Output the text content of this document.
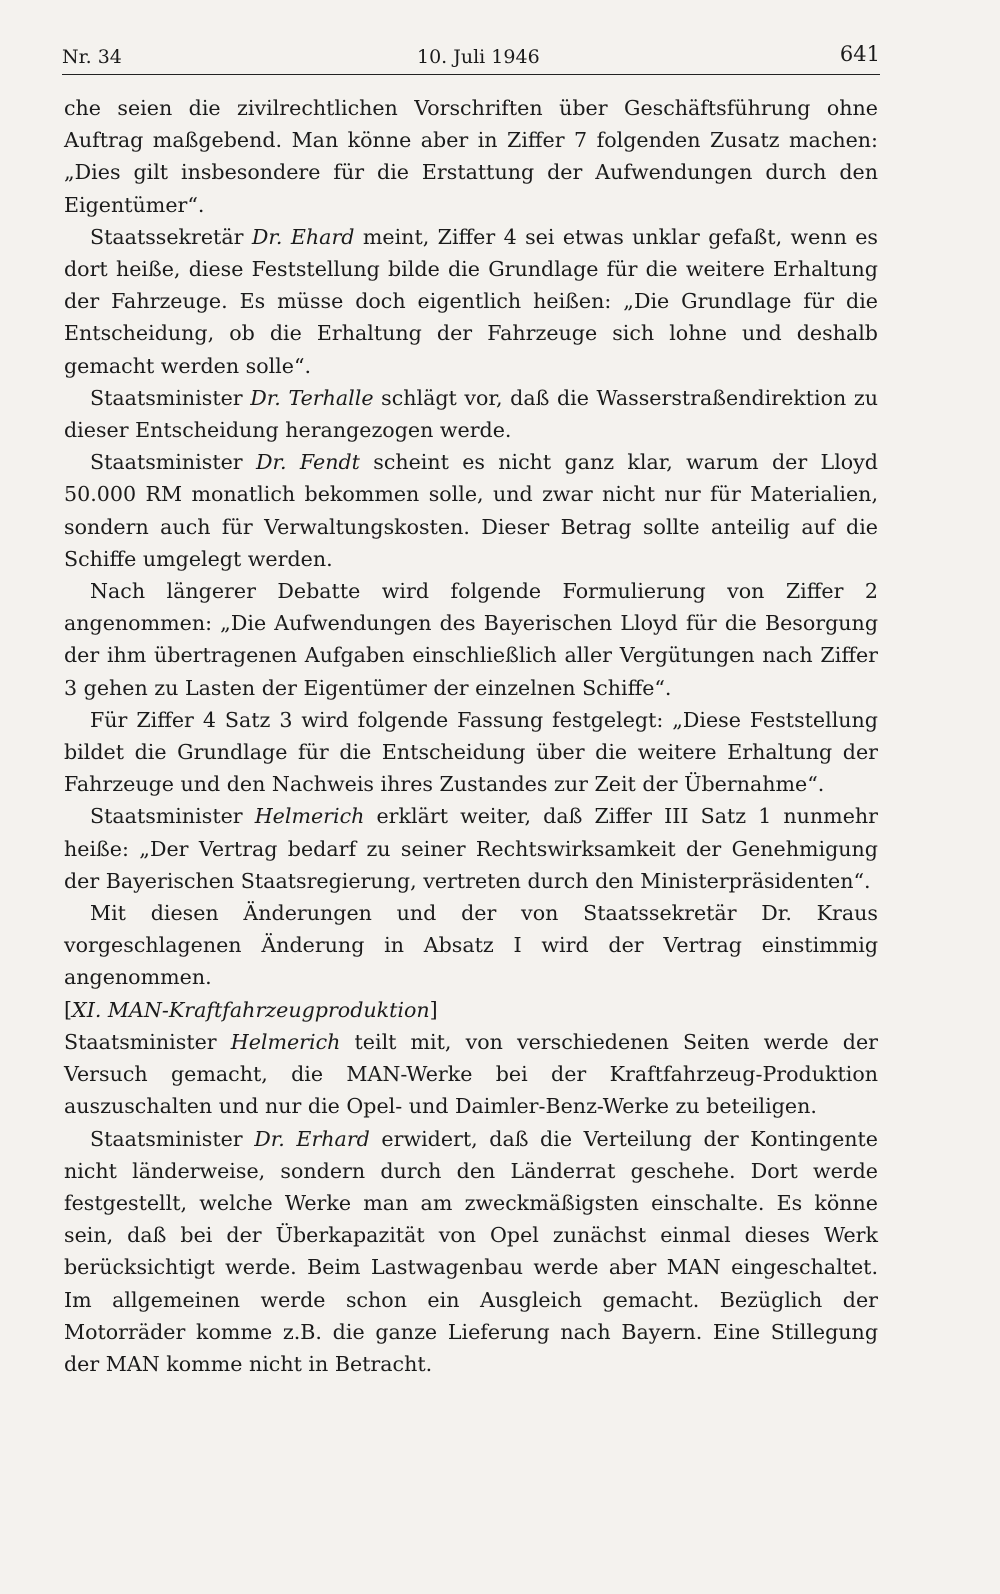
Nr. 34	10. Juli 1946	641

che seien die zivilrechtlichen Vorschriften über Geschäftsführung ohne Auftrag maßgebend. Man könne aber in Ziffer 7 folgenden Zusatz machen: „Dies gilt insbesondere für die Erstattung der Aufwendungen durch den Eigentümer“.

Staatssekretär Dr. Ehard meint, Ziffer 4 sei etwas unklar gefaßt, wenn es dort heiße, diese Feststellung bilde die Grundlage für die weitere Erhaltung der Fahrzeuge. Es müsse doch eigentlich heißen: „Die Grundlage für die Entscheidung, ob die Erhaltung der Fahrzeuge sich lohne und deshalb gemacht werden solle“.

Staatsminister Dr. Terhalle schlägt vor, daß die Wasserstraßendirektion zu dieser Entscheidung herangezogen werde.

Staatsminister Dr. Fendt scheint es nicht ganz klar, warum der Lloyd 50.000 RM monatlich bekommen solle, und zwar nicht nur für Materialien, sondern auch für Verwaltungskosten. Dieser Betrag sollte anteilig auf die Schiffe umgelegt werden.

Nach längerer Debatte wird folgende Formulierung von Ziffer 2 angenommen: „Die Aufwendungen des Bayerischen Lloyd für die Besorgung der ihm übertragenen Aufgaben einschließlich aller Vergütungen nach Ziffer 3 gehen zu Lasten der Eigentümer der einzelnen Schiffe“.

Für Ziffer 4 Satz 3 wird folgende Fassung festgelegt: „Diese Feststellung bildet die Grundlage für die Entscheidung über die weitere Erhaltung der Fahrzeuge und den Nachweis ihres Zustandes zur Zeit der Übernahme“.

Staatsminister Helmerich erklärt weiter, daß Ziffer III Satz 1 nunmehr heiße: „Der Vertrag bedarf zu seiner Rechtswirksamkeit der Genehmigung der Bayerischen Staatsregierung, vertreten durch den Ministerpräsidenten“.

Mit diesen Änderungen und der von Staatssekretär Dr. Kraus vorgeschlagenen Änderung in Absatz I wird der Vertrag einstimmig angenommen.

[XI. MAN-Kraftfahrzeugproduktion]

Staatsminister Helmerich teilt mit, von verschiedenen Seiten werde der Versuch gemacht, die MAN-Werke bei der Kraftfahrzeug-Produktion auszuschalten und nur die Opel- und Daimler-Benz-Werke zu beteiligen.

Staatsminister Dr. Erhard erwidert, daß die Verteilung der Kontingente nicht länderweise, sondern durch den Länderrat geschehe. Dort werde festgestellt, welche Werke man am zweckmäßigsten einschalte. Es könne sein, daß bei der Überkapazität von Opel zunächst einmal dieses Werk berücksichtigt werde. Beim Lastwagenbau werde aber MAN eingeschaltet. Im allgemeinen werde schon ein Ausgleich gemacht. Bezüglich der Motorräder komme z.B. die ganze Lieferung nach Bayern. Eine Stillegung der MAN komme nicht in Betracht.
